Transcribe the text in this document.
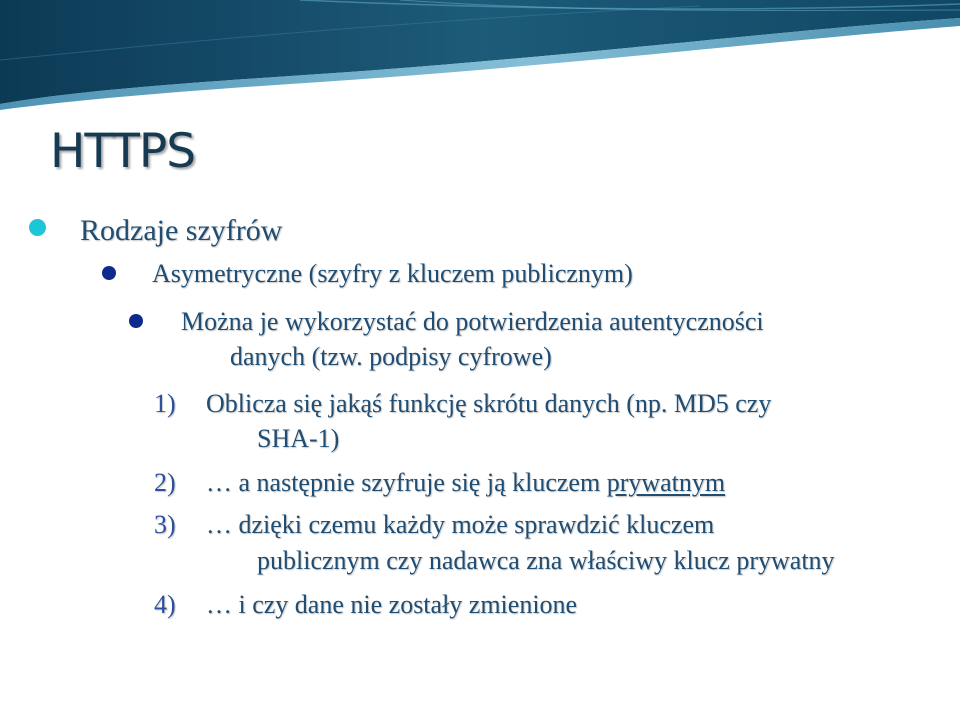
HTTPS
Rodzaje szyfrów
Asymetryczne (szyfry z kluczem publicznym)
Można je wykorzystać do potwierdzenia autentyczności
danych (tzw. podpisy cyfrowe)
1) Oblicza się jakąś funkcję skrótu danych (np. MD5 czy
SHA-1)
2) … a następnie szyfruje się ją kluczem prywatnym
3) … dzięki czemu każdy może sprawdzić kluczem
publicznym czy nadawca zna właściwy klucz prywatny
4) … i czy dane nie zostały zmienione
